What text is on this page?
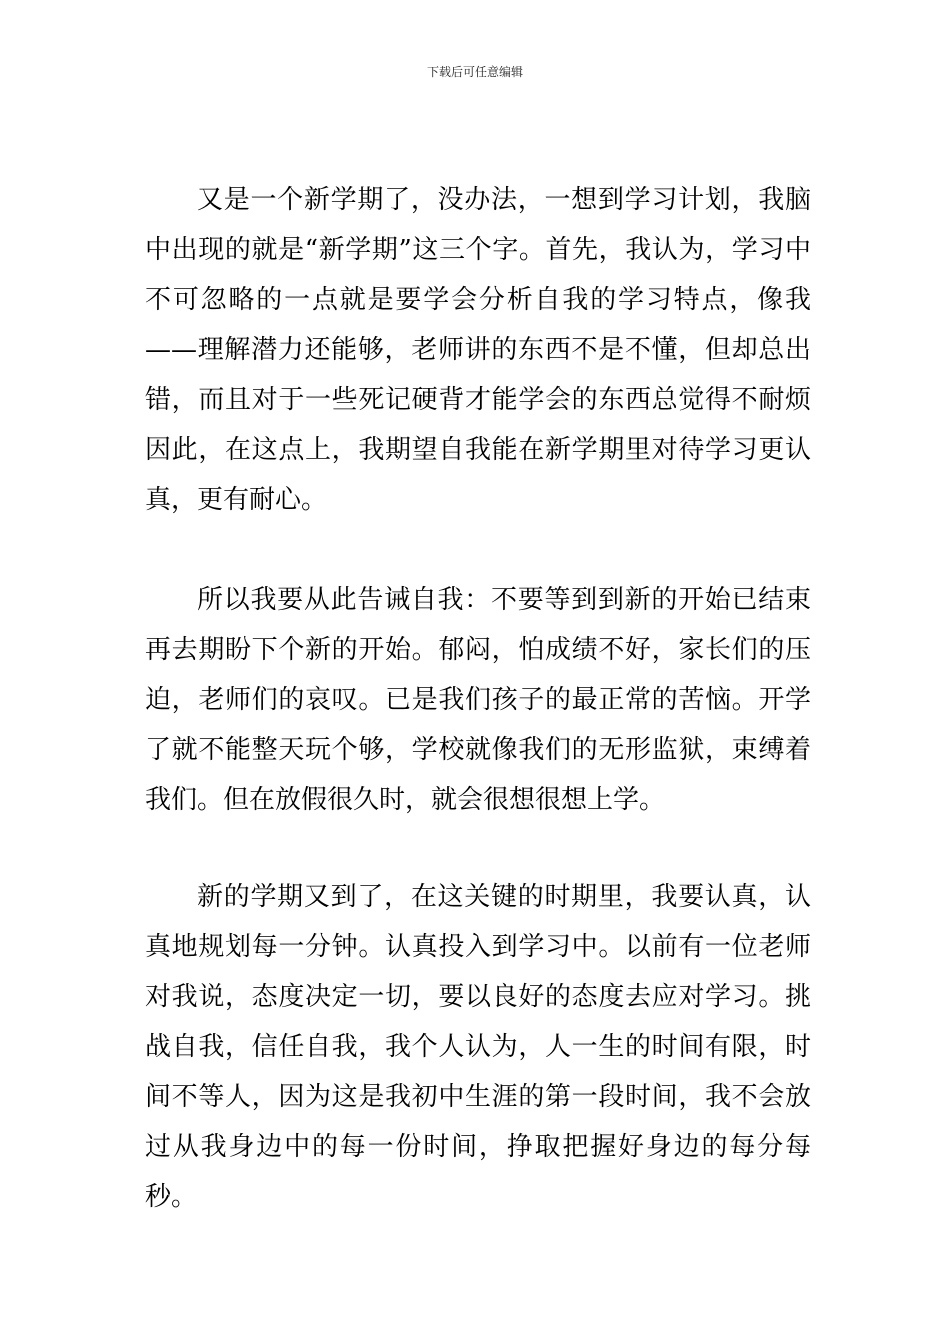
下载后可任意编辑

又是一个新学期了，没办法，一想到学习计划，我脑中出现的就是“新学期”这三个字。首先，我认为，学习中不可忽略的一点就是要学会分析自我的学习特点，像我——理解潜力还能够，老师讲的东西不是不懂，但却总出错，而且对于一些死记硬背才能学会的东西总觉得不耐烦因此，在这点上，我期望自我能在新学期里对待学习更认真，更有耐心。

所以我要从此告诫自我：不要等到到新的开始已结束再去期盼下个新的开始。郁闷，怕成绩不好，家长们的压迫，老师们的哀叹。已是我们孩子的最正常的苦恼。开学了就不能整天玩个够，学校就像我们的无形监狱，束缚着我们。但在放假很久时，就会很想很想上学。

新的学期又到了，在这关键的时期里，我要认真，认真地规划每一分钟。认真投入到学习中。以前有一位老师对我说，态度决定一切，要以良好的态度去应对学习。挑战自我，信任自我，我个人认为，人一生的时间有限，时间不等人，因为这是我初中生涯的第一段时间，我不会放过从我身边中的每一份时间，挣取把握好身边的每分每秒。
